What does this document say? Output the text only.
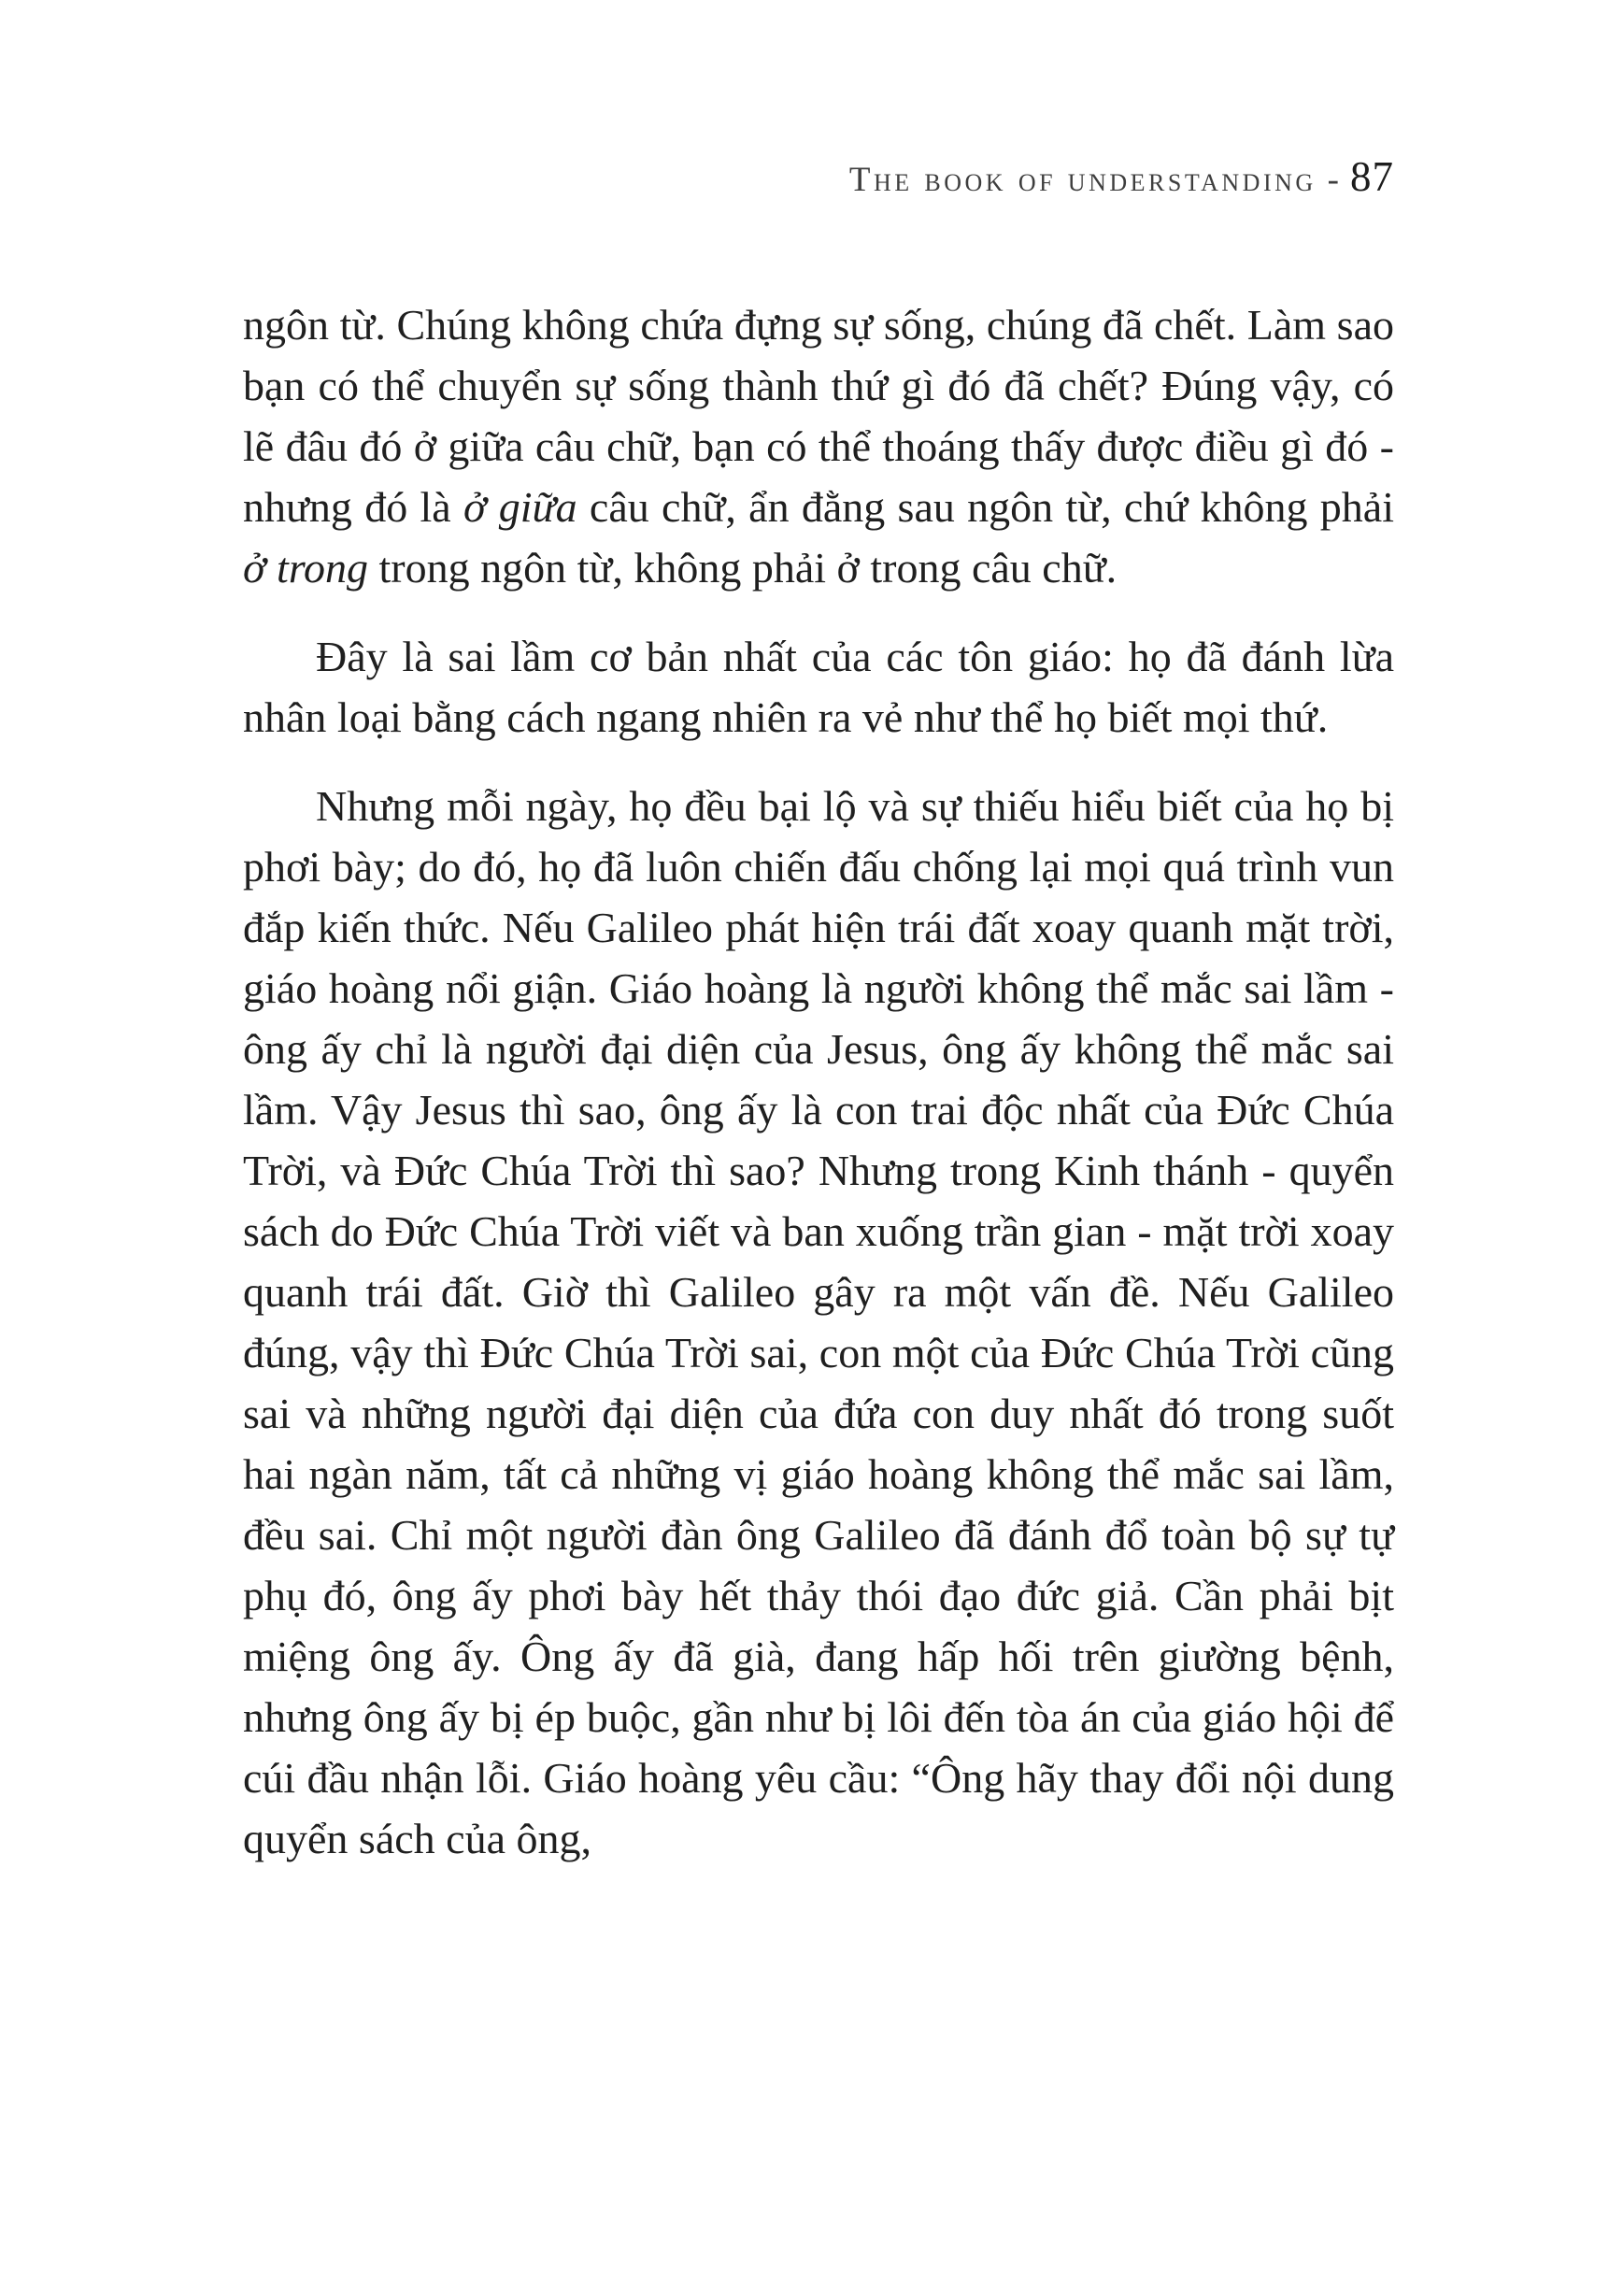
The book of understanding - 87

ngôn từ. Chúng không chứa đựng sự sống, chúng đã chết. Làm sao bạn có thể chuyển sự sống thành thứ gì đó đã chết? Đúng vậy, có lẽ đâu đó ở giữa câu chữ, bạn có thể thoáng thấy được điều gì đó - nhưng đó là ở giữa câu chữ, ẩn đằng sau ngôn từ, chứ không phải ở trong trong ngôn từ, không phải ở trong câu chữ.

Đây là sai lầm cơ bản nhất của các tôn giáo: họ đã đánh lừa nhân loại bằng cách ngang nhiên ra vẻ như thể họ biết mọi thứ.

Nhưng mỗi ngày, họ đều bại lộ và sự thiếu hiểu biết của họ bị phơi bày; do đó, họ đã luôn chiến đấu chống lại mọi quá trình vun đắp kiến thức. Nếu Galileo phát hiện trái đất xoay quanh mặt trời, giáo hoàng nổi giận. Giáo hoàng là người không thể mắc sai lầm - ông ấy chỉ là người đại diện của Jesus, ông ấy không thể mắc sai lầm. Vậy Jesus thì sao, ông ấy là con trai độc nhất của Đức Chúa Trời, và Đức Chúa Trời thì sao? Nhưng trong Kinh thánh - quyển sách do Đức Chúa Trời viết và ban xuống trần gian - mặt trời xoay quanh trái đất. Giờ thì Galileo gây ra một vấn đề. Nếu Galileo đúng, vậy thì Đức Chúa Trời sai, con một của Đức Chúa Trời cũng sai và những người đại diện của đứa con duy nhất đó trong suốt hai ngàn năm, tất cả những vị giáo hoàng không thể mắc sai lầm, đều sai. Chỉ một người đàn ông Galileo đã đánh đổ toàn bộ sự tự phụ đó, ông ấy phơi bày hết thảy thói đạo đức giả. Cần phải bịt miệng ông ấy. Ông ấy đã già, đang hấp hối trên giường bệnh, nhưng ông ấy bị ép buộc, gần như bị lôi đến tòa án của giáo hội để cúi đầu nhận lỗi. Giáo hoàng yêu cầu: “Ông hãy thay đổi nội dung quyển sách của ông,
